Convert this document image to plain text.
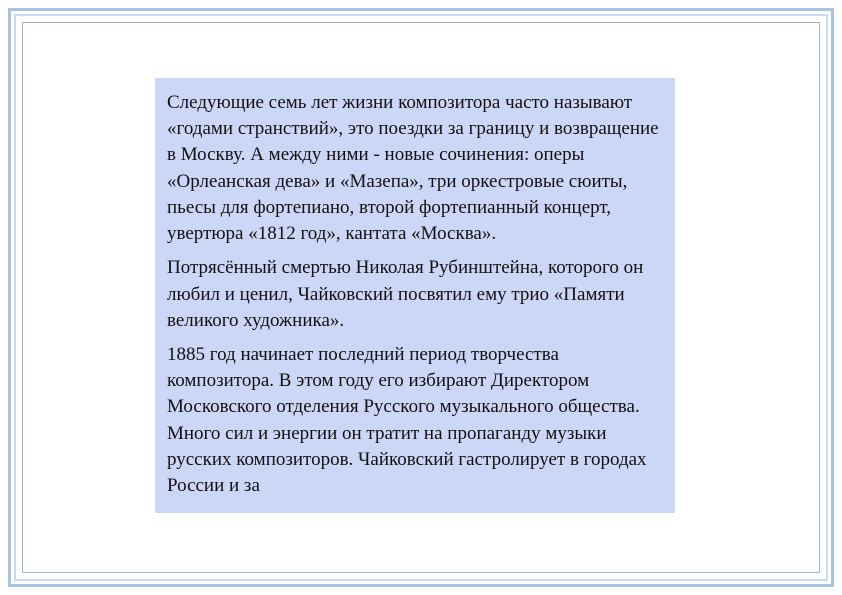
Следующие семь лет жизни композитора часто называют «годами странствий», это поездки за границу и возвращение в Москву. А между ними - новые сочинения: оперы «Орлеанская дева» и «Мазепа», три оркестровые сюиты, пьесы для фортепиано, второй фортепианный концерт, увертюра «1812 год», кантата «Москва».

Потрясённый смертью Николая Рубинштейна, которого он любил и ценил, Чайковский посвятил ему трио «Памяти великого художника».

1885 год начинает последний период творчества композитора. В этом году его избирают Директором Московского отделения Русского музыкального общества. Много сил и энергии он тратит на пропаганду музыки русских композиторов. Чайковский гастролирует в городах России и за
